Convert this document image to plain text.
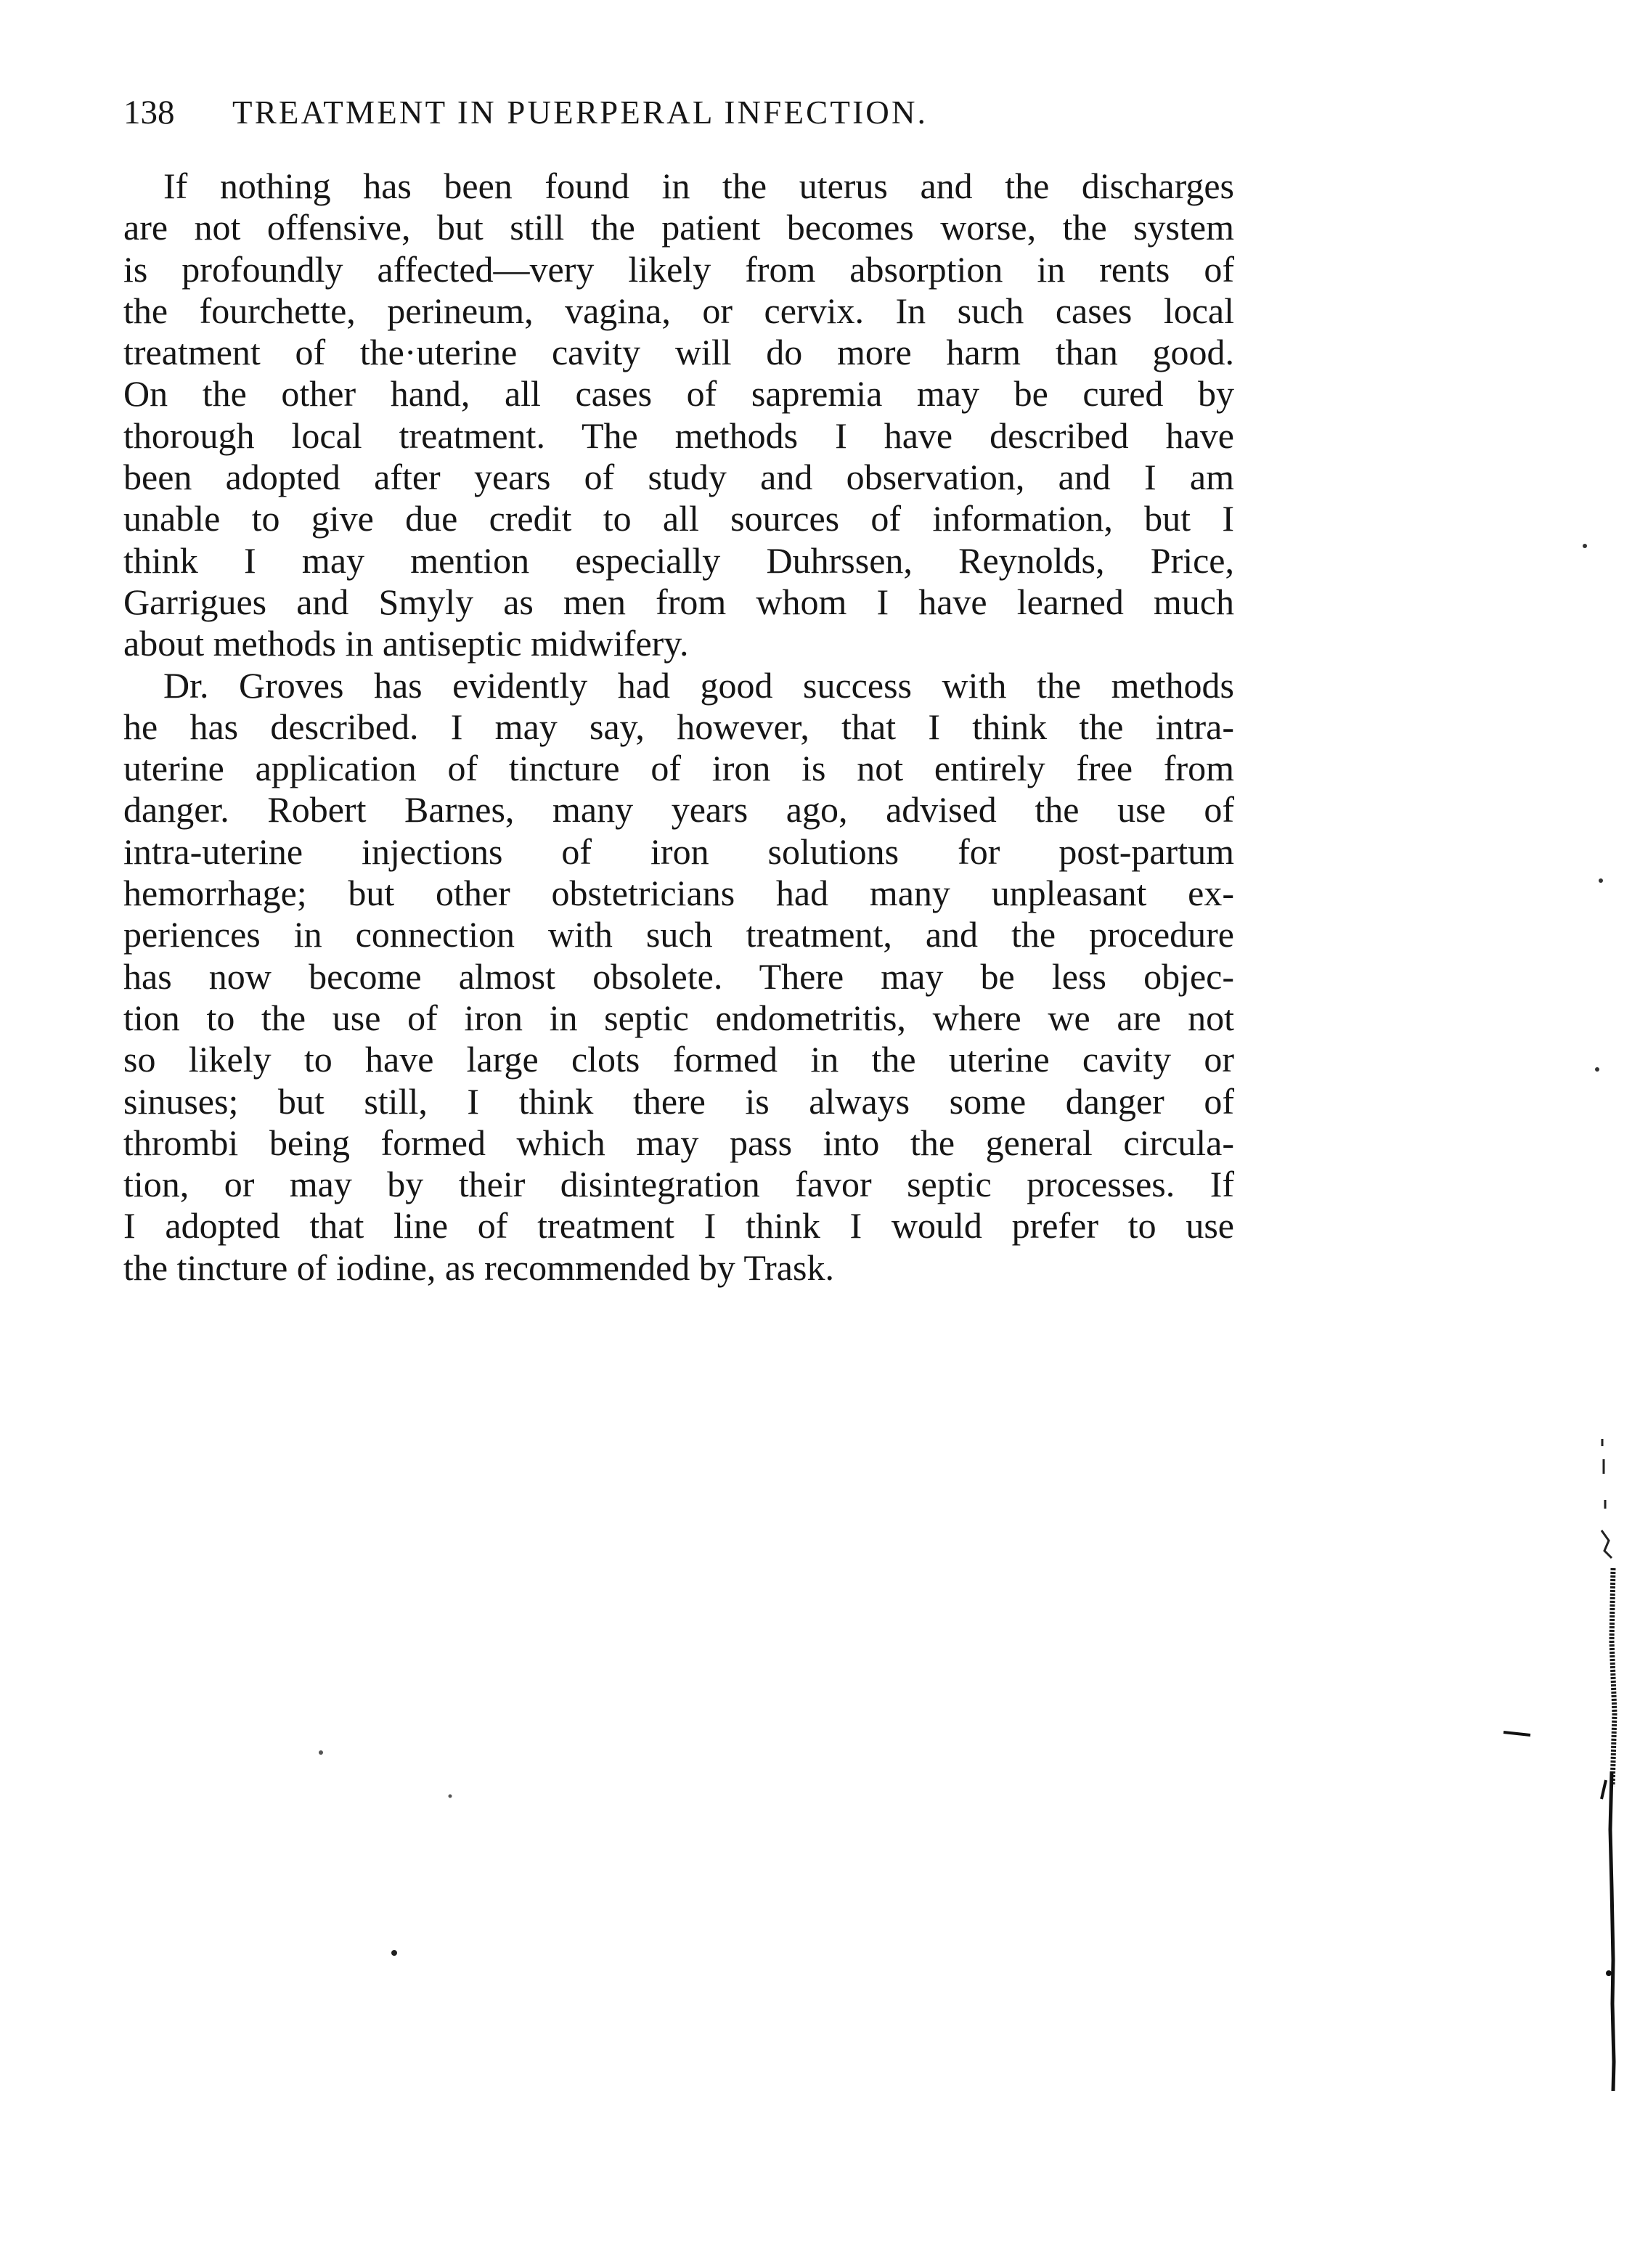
138 TREATMENT IN PUERPERAL INFECTION.
If nothing has been found in the uterus and the discharges
are not offensive, but still the patient becomes worse, the system
is profoundly affected—very likely from absorption in rents of
the fourchette, perineum, vagina, or cervix. In such cases local
treatment of the·uterine cavity will do more harm than good.
On the other hand, all cases of sapremia may be cured by
thorough local treatment. The methods I have described have
been adopted after years of study and observation, and I am
unable to give due credit to all sources of information, but I
think I may mention especially Duhrssen, Reynolds, Price,
Garrigues and Smyly as men from whom I have learned much
about methods in antiseptic midwifery.
Dr. Groves has evidently had good success with the methods
he has described. I may say, however, that I think the intra-
uterine application of tincture of iron is not entirely free from
danger. Robert Barnes, many years ago, advised the use of
intra-uterine injections of iron solutions for post-partum
hemorrhage; but other obstetricians had many unpleasant ex-
periences in connection with such treatment, and the procedure
has now become almost obsolete. There may be less objec-
tion to the use of iron in septic endometritis, where we are not
so likely to have large clots formed in the uterine cavity or
sinuses; but still, I think there is always some danger of
thrombi being formed which may pass into the general circula-
tion, or may by their disintegration favor septic processes. If
I adopted that line of treatment I think I would prefer to use
the tincture of iodine, as recommended by Trask.
